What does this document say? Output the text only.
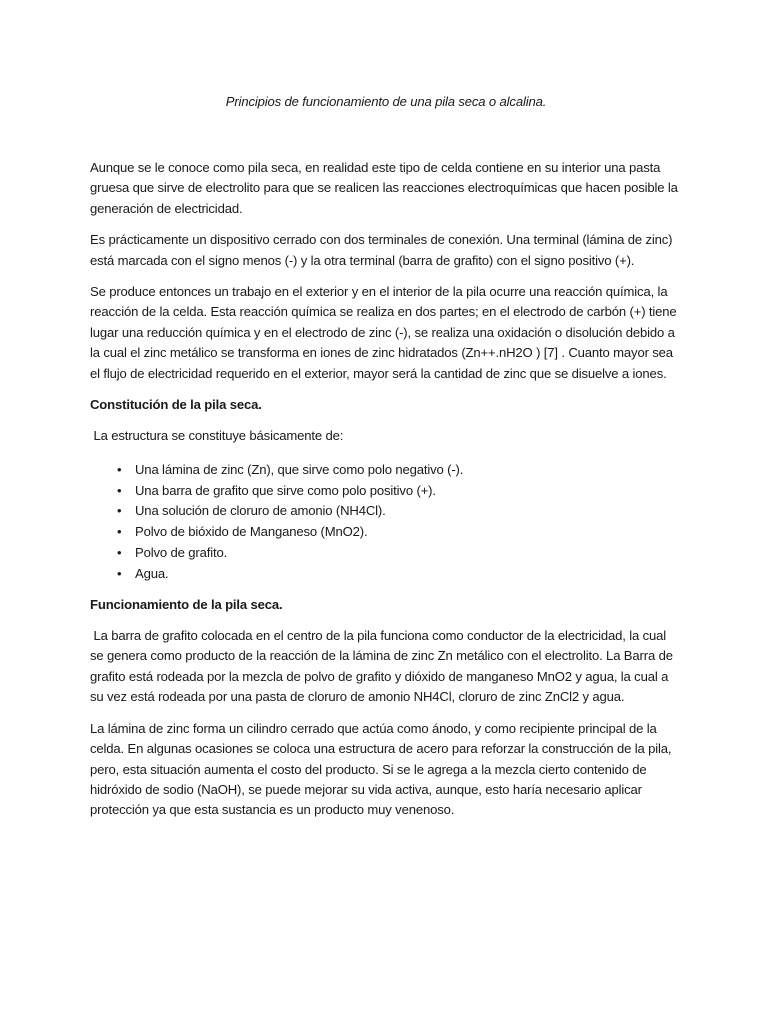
Principios de funcionamiento de una pila seca o alcalina.

Aunque se le conoce como pila seca, en realidad este tipo de celda contiene en su interior una pasta gruesa que sirve de electrolito para que se realicen las reacciones electroquímicas que hacen posible la generación de electricidad.

Es prácticamente un dispositivo cerrado con dos terminales de conexión. Una terminal (lámina de zinc) está marcada con el signo menos (-) y la otra terminal (barra de grafito) con el signo positivo (+).

Se produce entonces un trabajo en el exterior y en el interior de la pila ocurre una reacción química, la reacción de la celda. Esta reacción química se realiza en dos partes; en el electrodo de carbón (+) tiene lugar una reducción química y en el electrodo de zinc (-), se realiza una oxidación o disolución debido a la cual el zinc metálico se transforma en iones de zinc hidratados (Zn++.nH2O ) [7] . Cuanto mayor sea el flujo de electricidad requerido en el exterior, mayor será la cantidad de zinc que se disuelve a iones.

Constitución de la pila seca.
La estructura se constituye básicamente de:
• Una lámina de zinc (Zn), que sirve como polo negativo (-).
• Una barra de grafito que sirve como polo positivo (+).
• Una solución de cloruro de amonio (NH4Cl).
• Polvo de bióxido de Manganeso (MnO2).
• Polvo de grafito.
• Agua.
Funcionamiento de la pila seca.

La barra de grafito colocada en el centro de la pila funciona como conductor de la electricidad, la cual se genera como producto de la reacción de la lámina de zinc Zn metálico con el electrolito. La Barra de grafito está rodeada por la mezcla de polvo de grafito y dióxido de manganeso MnO2 y agua, la cual a su vez está rodeada por una pasta de cloruro de amonio NH4Cl, cloruro de zinc ZnCl2 y agua.

La lámina de zinc forma un cilindro cerrado que actúa como ánodo, y como recipiente principal de la celda. En algunas ocasiones se coloca una estructura de acero para reforzar la construcción de la pila, pero, esta situación aumenta el costo del producto. Si se le agrega a la mezcla cierto contenido de hidróxido de sodio (NaOH), se puede mejorar su vida activa, aunque, esto haría necesario aplicar protección ya que esta sustancia es un producto muy venenoso.
